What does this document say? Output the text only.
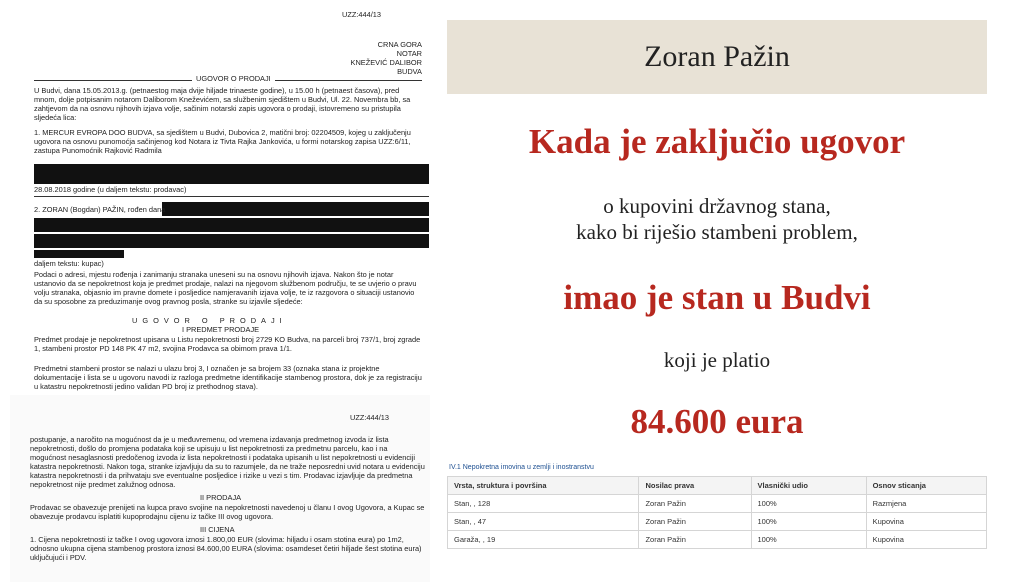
UZZ:444/13
CRNA GORA
NOTAR
KNEŽEVIĆ DALIBOR
BUDVA
UGOVOR O PRODAJI
U Budvi, dana 15.05.2013.g. (petnaestog maja dvije hiljade trinaeste godine), u 15.00 h (petnaest časova), pred mnom, dolje potpisanim notarom Daliborom Kneževićem, sa službenim sjedištem u Budvi, Ul. 22. Novembra bb, sa zahtjevom da na osnovu njihovih izjava volje, sačinim notarski zapis ugovora o prodaji, istovremeno su pristupila sljedeća lica:
1. MERCUR EVROPA DOO BUDVA, sa sjedištem u Budvi, Dubovica 2, matični broj: 02204509, kojeg u zaključenju ugovora na osnovu punomoćja sačinjenog kod Notara iz Tivta Rajka Jankovića, u formi notarskog zapisa UZZ:6/11, zastupa Punomoćnik Rajković Radmila
28.08.2018 godine (u daljem tekstu: prodavac)
2. ZORAN (Bogdan) PAŽIN, rođen dana
daljem tekstu: kupac)
Podaci o adresi, mjestu rođenja i zanimanju stranaka uneseni su na osnovu njihovih izjava. Nakon što je notar ustanovio da se nepokretnost koja je predmet prodaje, nalazi na njegovom službenom području, te se uvjerio o pravu volju stranaka, objasnio im pravne domete i posljedice namjeravanih izjava volje, te iz razgovora o situaciji ustanovio da su sposobne za preduzimanje ovog pravnog posla, stranke su izjavile sljedeće:
UGOVOR O PRODAJI
I PREDMET PRODAJE
Predmet prodaje je nepokretnost upisana u Listu nepokretnosti broj 2729 KO Budva, na parceli broj 737/1, broj zgrade 1, stambeni prostor PD 148 PK 47 m2, svojina Prodavca sa obimom prava 1/1.
Predmetni stambeni prostor se nalazi u ulazu broj 3, I označen je sa brojem 33 (oznaka stana iz projektne dokumentacije i lista se u ugovoru navodi iz razloga predmetne identifikacije stambenog prostora, dok je za registraciju u katastru nepokretnosti jedino validan PD broj iz prethodnog stava).
UZZ:444/13
postupanje, a naročito na mogućnost da je u međuvremenu, od vremena izdavanja predmetnog izvoda iz lista nepokretnosti, došlo do promjena podataka koji se upisuju u list nepokretnosti za predmetnu parcelu, kao i na mogućnost nesaglasnosti predočenog izvoda iz lista nepokretnosti i podataka upisanih u list nepokretnosti u evidenciji katastra nepokretnosti. Nakon toga, stranke izjavljuju da su to razumjele, da ne traže neposredni uvid notara u evidenciju katastra nepokretnosti i da prihvataju sve eventualne posljedice i rizike u vezi s tim. Prodavac izjavljuje da predmetna nepokretnost nije predmet zalužnog odnosa.
II PRODAJA
Prodavac se obavezuje prenijeti na kupca pravo svojine na nepokretnosti navedenoj u članu I ovog Ugovora, a Kupac se obavezuje prodavcu isplatiti kupoprodajnu cijenu iz tačke III ovog ugovora.
III CIJENA
1. Cijena nepokretnosti iz tačke I ovog ugovora iznosi 1.800,00 EUR (slovima: hiljadu i osam stotina eura) po 1m2, odnosno ukupna cijena stambenog prostora iznosi 84.600,00 EURA (slovima: osamdeset četiri hiljade šest stotina eura) uključujući i PDV.
Zoran Pažin
Kada je zaključio ugovor
o kupovini državnog stana,
kako bi riješio stambeni problem,
imao je stan u Budvi
koji je platio
84.600 eura
IV.1 Nepokretna imovina u zemlji i inostranstvu
Vrsta, struktura i površina	Nosilac prava	Vlasnički udio	Osnov sticanja
Stan, , 128	Zoran Pažin	100%	Razmjena
Stan, , 47	Zoran Pažin	100%	Kupovina
Garaža, , 19	Zoran Pažin	100%	Kupovina
